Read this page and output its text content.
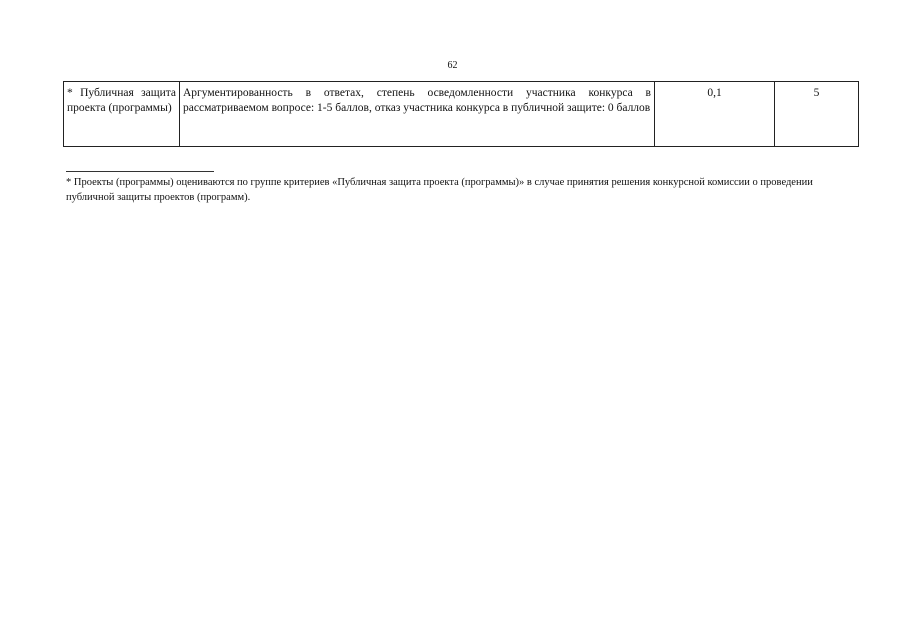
62
* Публичная защита проекта (программы)	Аргументированность в ответах, степень осведомленности участника конкурса в рассматриваемом вопросе: 1-5 баллов, отказ участника конкурса в публичной защите: 0 баллов	0,1	5
* Проекты (программы) оцениваются по группе критериев «Публичная защита проекта (программы)» в случае принятия решения конкурсной комиссии о проведении публичной защиты проектов (программ).
